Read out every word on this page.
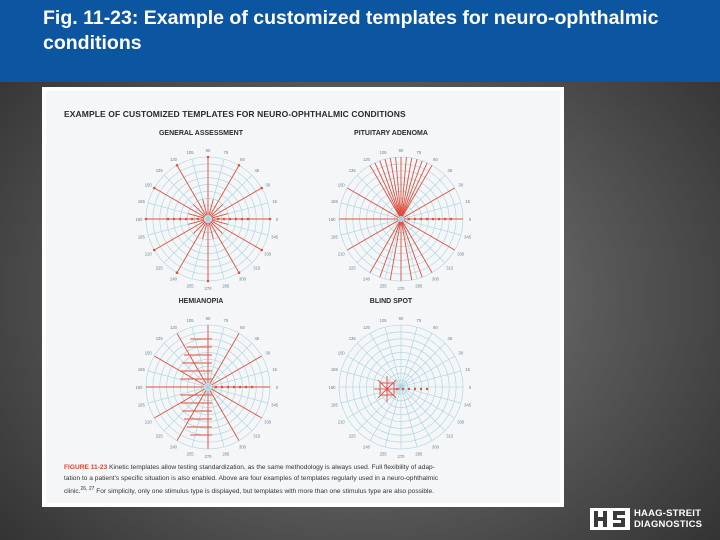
Fig. 11-23: Example of customized templates for neuro-ophthalmic conditions
EXAMPLE OF CUSTOMIZED TEMPLATES FOR NEURO-OPHTHALMIC CONDITIONS
GENERAL ASSESSMENT
90	75
60
45
30
15
0
345
330
315
300
285
270
255
240
225
210
195
180
165
150
135
120
105
PITUITARY ADENOMA
90	75
60
45
30
15
0
345
330
315
300
285
270
255
240
225
210
195
180
165
150
135
120
105
HEMIANOPIA
90	75
60
45
30
15
0
345
330
315
300
285
270
255
240
225
210
195
180
165
150
135
120
105
BLIND SPOT
90	75
60
45
30
15
0
345
330
315
300
285
270
255
240
225
210
195
180
165
150
135
120
105
FIGURE 11-23 Kinetic templates allow testing standardization, as the same methodology is always used. Full flexibility of adap-
tation to a patient's specific situation is also enabled. Above are four examples of templates regularly used in a neuro-ophthalmic
clinic.$^{26, 27}$ For simplicity, only one stimulus type is displayed, but templates with more than one stimulus type are also possible.
HAAG-STREIT
DIAGNOSTICS
